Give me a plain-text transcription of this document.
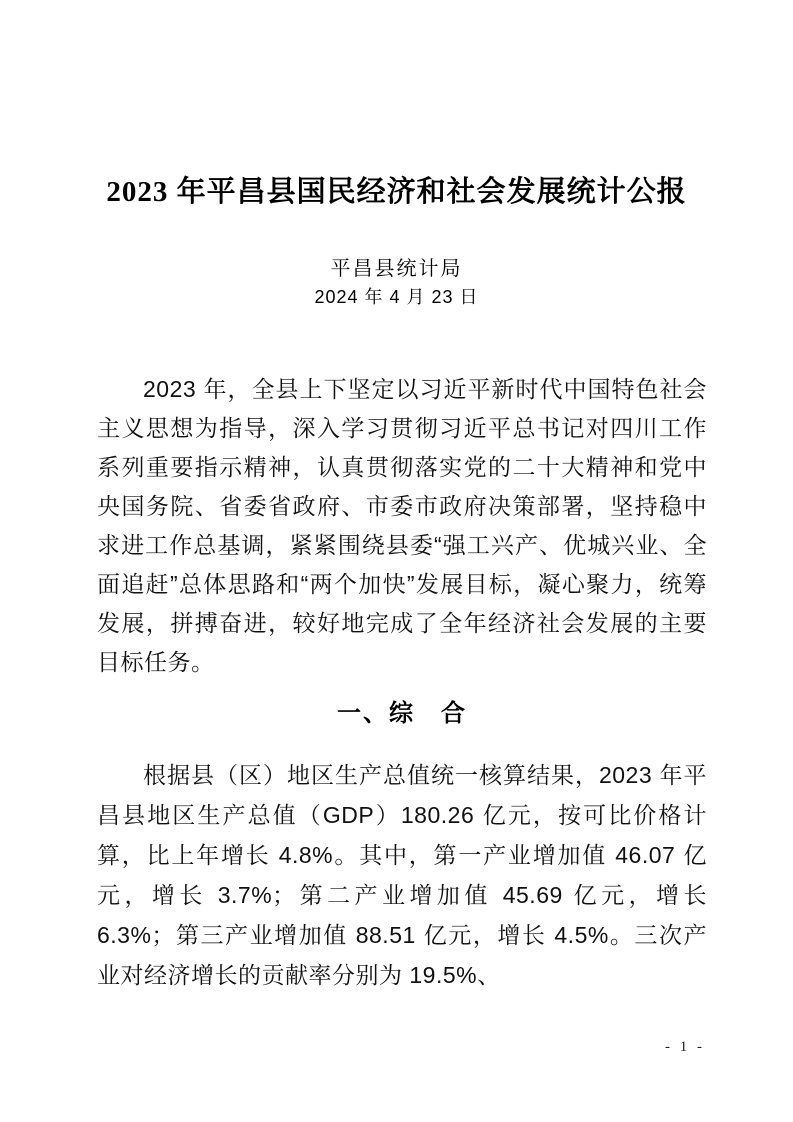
2023 年平昌县国民经济和社会发展统计公报
平昌县统计局
2024 年 4 月 23 日

2023 年，全县上下坚定以习近平新时代中国特色社会主义思想为指导，深入学习贯彻习近平总书记对四川工作系列重要指示精神，认真贯彻落实党的二十大精神和党中央国务院、省委省政府、市委市政府决策部署，坚持稳中求进工作总基调，紧紧围绕县委“强工兴产、优城兴业、全面追赶”总体思路和“两个加快”发展目标，凝心聚力，统筹发展，拼搏奋进，较好地完成了全年经济社会发展的主要目标任务。

一、综　合

根据县（区）地区生产总值统一核算结果，2023 年平昌县地区生产总值（GDP）180.26 亿元，按可比价格计算，比上年增长 4.8%。其中，第一产业增加值 46.07 亿元，增长 3.7%；第二产业增加值 45.69 亿元，增长 6.3%；第三产业增加值 88.51 亿元，增长 4.5%。三次产业对经济增长的贡献率分别为 19.5%、

- 1 -
